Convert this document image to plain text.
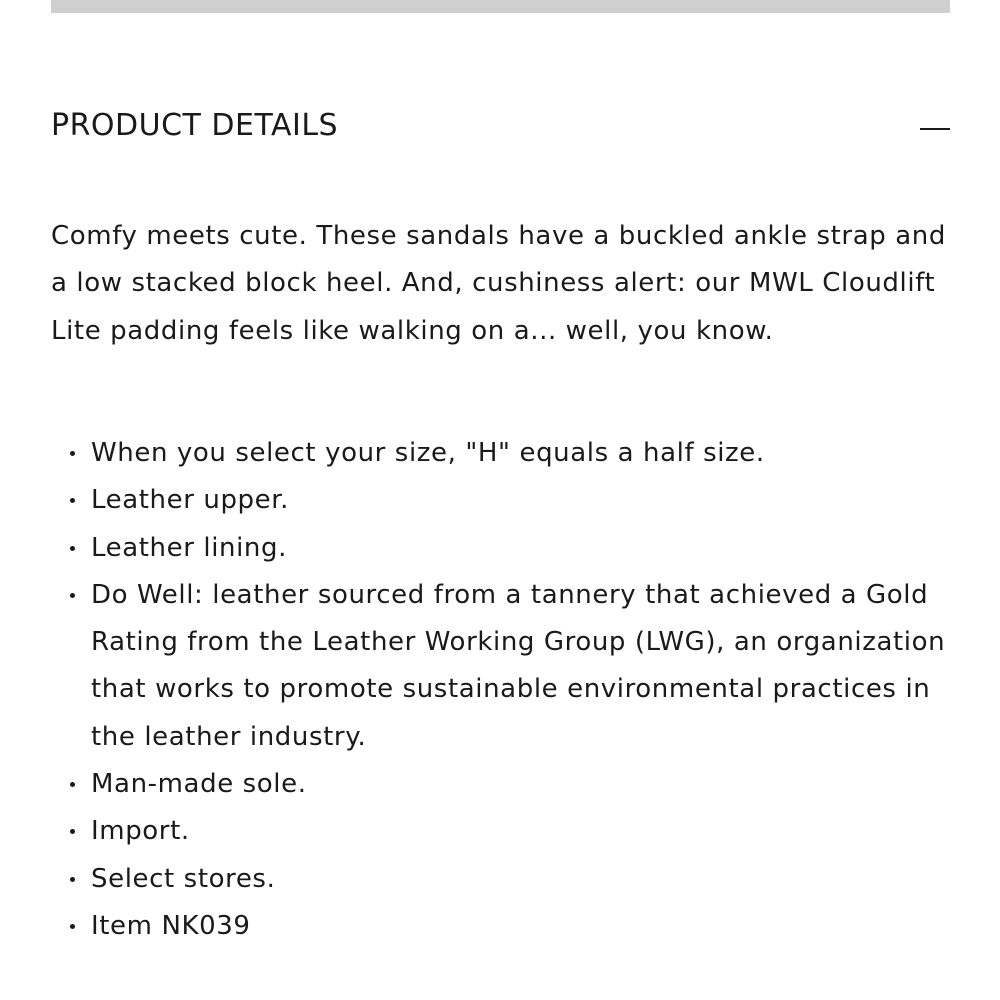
PRODUCT DETAILS

Comfy meets cute. These sandals have a buckled ankle strap and a low stacked block heel. And, cushiness alert: our MWL Cloudlift Lite padding feels like walking on a... well, you know.

When you select your size, "H" equals a half size.
Leather upper.
Leather lining.
Do Well: leather sourced from a tannery that achieved a Gold Rating from the Leather Working Group (LWG), an organization that works to promote sustainable environmental practices in the leather industry.
Man-made sole.
Import.
Select stores.
Item NK039
